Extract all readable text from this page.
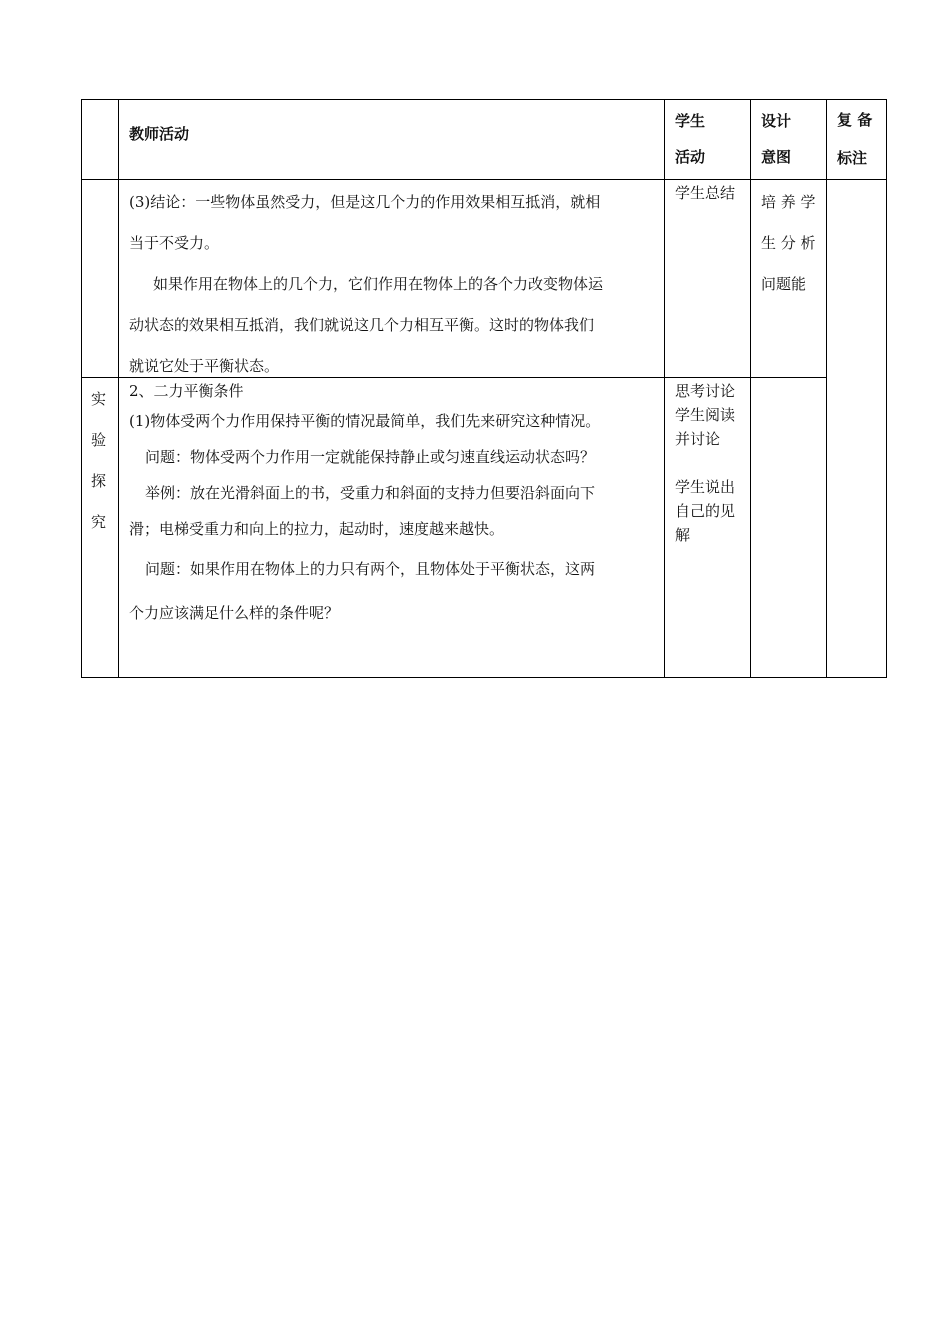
教师活动

学生

活动

设计

意图

复 备

标注

(3)结论：一些物体虽然受力，但是这几个力的作用效果相互抵消，就相

当于不受力。

如果作用在物体上的几个力，它们作用在物体上的各个力改变物体运

动状态的效果相互抵消，我们就说这几个力相互平衡。这时的物体我们

就说它处于平衡状态。

学生总结 培 养 学

生 分 析

问题能

实

验

探

究

2、二力平衡条件

(1)物体受两个力作用保持平衡的情况最简单，我们先来研究这种情况。

问题：物体受两个力作用一定就能保持静止或匀速直线运动状态吗？

举例：放在光滑斜面上的书，受重力和斜面的支持力但要沿斜面向下

滑；电梯受重力和向上的拉力，起动时，速度越来越快。

问题：如果作用在物体上的力只有两个，且物体处于平衡状态，这两

个力应该满足什么样的条件呢？

思考讨论

学生阅读

并讨论

学生说出

自己的见

解
